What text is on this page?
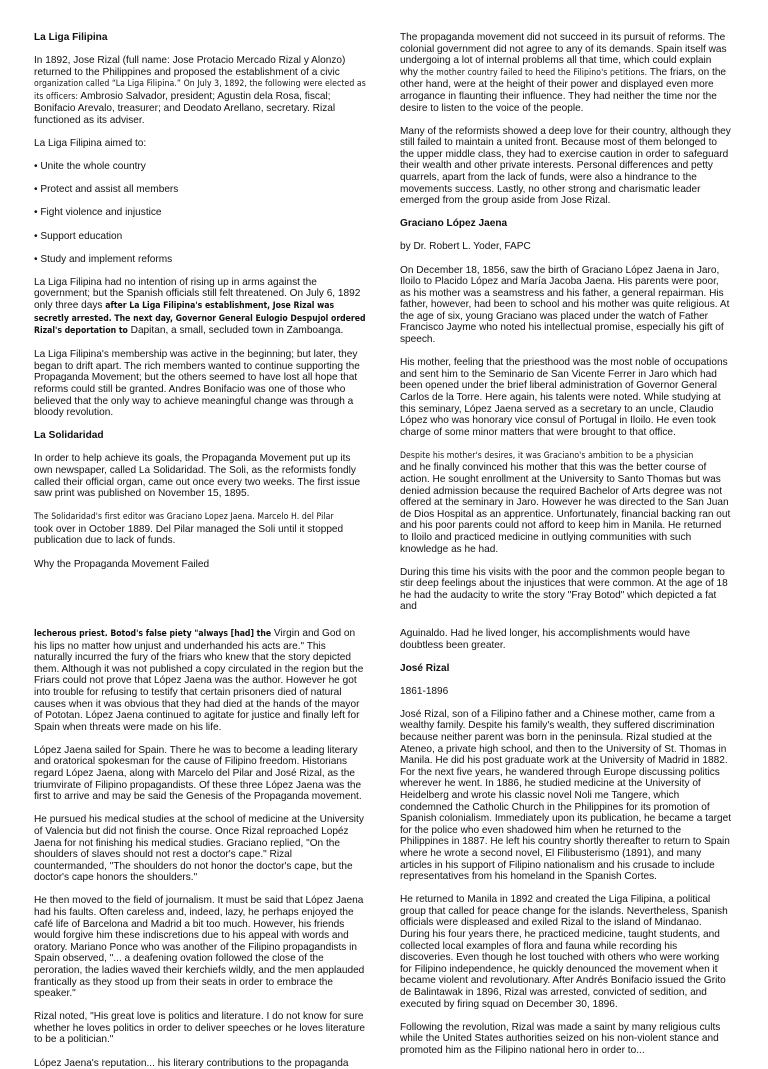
La Liga Filipina

In 1892, Jose Rizal (full name: Jose Protacio Mercado Rizal y Alonzo) returned to the Philippines and proposed the establishment of a civic organization called “La Liga Filipina.” On July 3, 1892, the following were elected as its officers: Ambrosio Salvador, president; Agustin dela Rosa, fiscal; Bonifacio Arevalo, treasurer; and Deodato Arellano, secretary. Rizal functioned as its adviser.

La Liga Filipina aimed to:

• Unite the whole country
• Protect and assist all members
• Fight violence and injustice
• Support education
• Study and implement reforms

La Liga Filipina had no intention of rising up in arms against the government; but the Spanish officials still felt threatened. On July 6, 1892 only three days after La Liga Filipina's establishment, Jose Rizal was secretly arrested. The next day, Governor General Eulogio Despujol ordered Rizal's deportation to Dapitan, a small, secluded town in Zamboanga.

La Liga Filipina's membership was active in the beginning; but later, they began to drift apart. The rich members wanted to continue supporting the Propaganda Movement; but the others seemed to have lost all hope that reforms could still be granted. Andres Bonifacio was one of those who believed that the only way to achieve meaningful change was through a bloody revolution.

La Solidaridad

In order to help achieve its goals, the Propaganda Movement put up its own newspaper, called La Solidaridad. The Soli, as the reformists fondly called their official organ, came out once every two weeks. The first issue saw print was published on November 15, 1895.

The Solidaridad's first editor was Graciano Lopez Jaena. Marcelo H. del Pilar
took over in October 1889. Del Pilar managed the Soli until it stopped publication due to lack of funds.

Why the Propaganda Movement Failed

The propaganda movement did not succeed in its pursuit of reforms. The colonial government did not agree to any of its demands. Spain itself was undergoing a lot of internal problems all that time, which could explain why the mother country failed to heed the Filipino's petitions. The friars, on the other hand, were at the height of their power and displayed even more arrogance in flaunting their influence. They had neither the time nor the desire to listen to the voice of the people.

Many of the reformists showed a deep love for their country, although they still failed to maintain a united front. Because most of them belonged to the upper middle class, they had to exercise caution in order to safeguard their wealth and other private interests. Personal differences and petty quarrels, apart from the lack of funds, were also a hindrance to the movements success. Lastly, no other strong and charismatic leader emerged from the group aside from Jose Rizal.

Graciano López Jaena

by Dr. Robert L. Yoder, FAPC

On December 18, 1856, saw the birth of Graciano López Jaena in Jaro, Iloilo to Placido López and María Jacoba Jaena. His parents were poor, as his mother was a seamstress and his father, a general repairman. His father, however, had been to school and his mother was quite religious. At the age of six, young Graciano was placed under the watch of Father Francisco Jayme who noted his intellectual promise, especially his gift of speech.

His mother, feeling that the priesthood was the most noble of occupations and sent him to the Seminario de San Vicente Ferrer in Jaro which had been opened under the brief liberal administration of Governor General Carlos de la Torre. Here again, his talents were noted. While studying at this seminary, López Jaena served as a secretary to an uncle, Claudio López who was honorary vice consul of Portugal in Iloilo. He even took charge of some minor matters that were brought to that office.

Despite his mother's desires, it was Graciano's ambition to be a physician
and he finally convinced his mother that this was the better course of action. He sought enrollment at the University to Santo Thomas but was denied admission because the required Bachelor of Arts degree was not offered at the seminary in Jaro. However he was directed to the San Juan de Dios Hospital as an apprentice. Unfortunately, financial backing ran out and his poor parents could not afford to keep him in Manila. He returned to Iloilo and practiced medicine in outlying communities with such knowledge as he had.

During this time his visits with the poor and the common people began to stir deep feelings about the injustices that were common. At the age of 18 he had the audacity to write the story "Fray Botod" which depicted a fat and

lecherous priest. Botod's false piety "always [had] the Virgin and God on his lips no matter how unjust and underhanded his acts are." This naturally incurred the fury of the friars who knew that the story depicted them. Although it was not published a copy circulated in the region but the Friars could not prove that López Jaena was the author. However he got into trouble for refusing to testify that certain prisoners died of natural causes when it was obvious that they had died at the hands of the mayor of Pototan. López Jaena continued to agitate for justice and finally left for Spain when threats were made on his life.

López Jaena sailed for Spain. There he was to become a leading literary and oratorical spokesman for the cause of Filipino freedom. Historians regard López Jaena, along with Marcelo del Pilar and José Rizal, as the triumvirate of Filipino propagandists. Of these three López Jaena was the first to arrive and may be said the Genesis of the Propaganda movement.

He pursued his medical studies at the school of medicine at the University of Valencia but did not finish the course. Once Rizal reproached Lopéz Jaena for not finishing his medical studies. Graciano replied, "On the shoulders of slaves should not rest a doctor's cape." Rizal countermanded, "The shoulders do not honor the doctor's cape, but the doctor's cape honors the shoulders."

He then moved to the field of journalism. It must be said that López Jaena had his faults. Often careless and, indeed, lazy, he perhaps enjoyed the café life of Barcelona and Madrid a bit too much. However, his friends would forgive him these indiscretions due to his appeal with words and oratory. Mariano Ponce who was another of the Filipino propagandists in Spain observed, "... a deafening ovation followed the close of the peroration, the ladies waved their kerchiefs wildly, and the men applauded frantically as they stood up from their seats in order to embrace the speaker."

Rizal noted, "His great love is politics and literature. I do not know for sure whether he loves politics in order to deliver speeches or he loves literature to be a politician."

López Jaena's reputation... his literary contributions to the propaganda

Aguinaldo. Had he lived longer, his accomplishments would have doubtless been greater.

José Rizal

1861-1896

José Rizal, son of a Filipino father and a Chinese mother, came from a wealthy family. Despite his family's wealth, they suffered discrimination because neither parent was born in the peninsula. Rizal studied at the Ateneo, a private high school, and then to the University of St. Thomas in Manila. He did his post graduate work at the University of Madrid in 1882. For the next five years, he wandered through Europe discussing politics wherever he went. In 1886, he studied medicine at the University of Heidelberg and wrote his classic novel Noli me Tangere, which condemned the Catholic Church in the Philippines for its promotion of Spanish colonialism. Immediately upon its publication, he became a target for the police who even shadowed him when he returned to the Philippines in 1887. He left his country shortly thereafter to return to Spain where he wrote a second novel, El Filibusterismo (1891), and many articles in his support of Filipino nationalism and his crusade to include representatives from his homeland in the Spanish Cortes.

He returned to Manila in 1892 and created the Liga Filipina, a political group that called for peace change for the islands. Nevertheless, Spanish officials were displeased and exiled Rizal to the island of Mindanao. During his four years there, he practiced medicine, taught students, and collected local examples of flora and fauna while recording his discoveries. Even though he lost touched with others who were working for Filipino independence, he quickly denounced the movement when it became violent and revolutionary. After Andrés Bonifacio issued the Grito de Balintawak in 1896, Rizal was arrested, convicted of sedition, and executed by firing squad on December 30, 1896.

Following the revolution, Rizal was made a saint by many religious cults while the United States authorities seized on his non-violent stance and promoted him as the Filipino national hero in order to...
